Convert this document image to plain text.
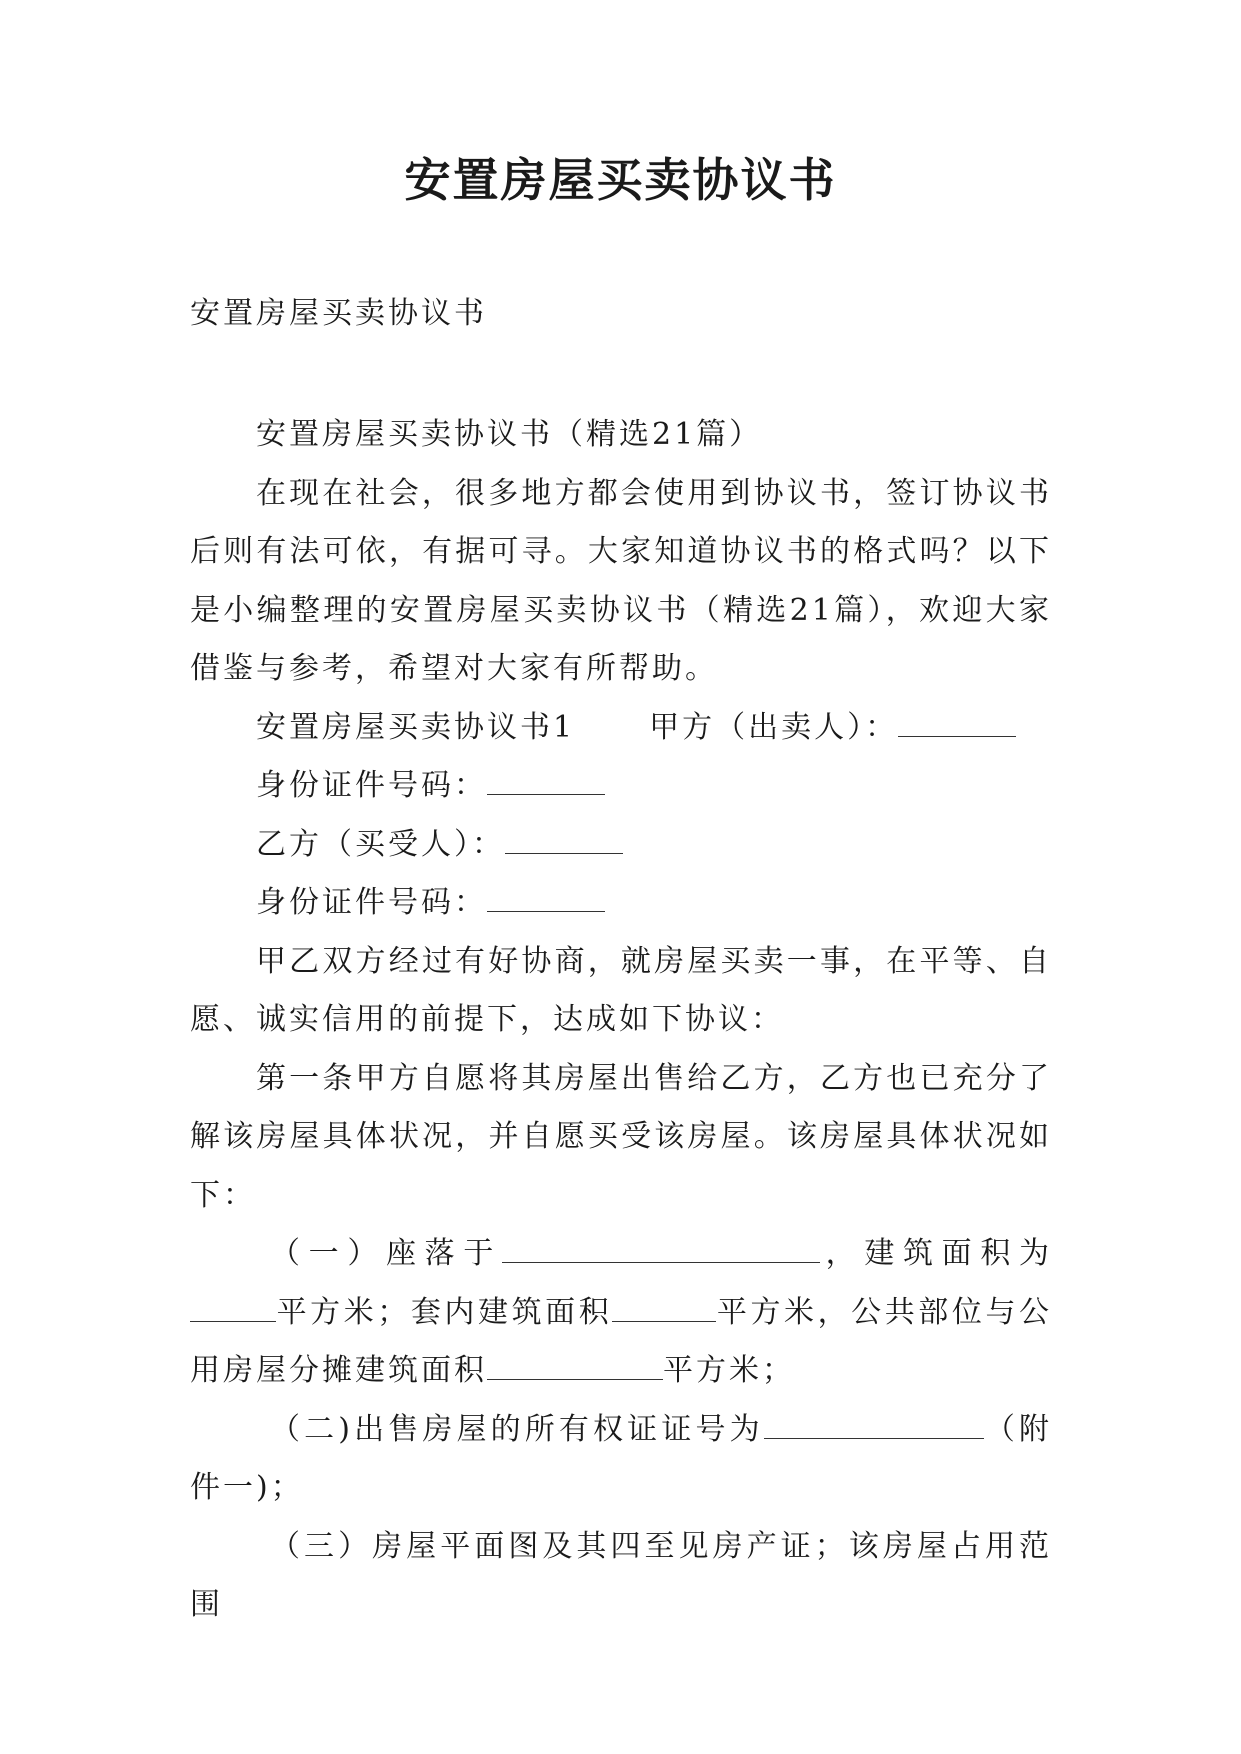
安置房屋买卖协议书
安置房屋买卖协议书

安置房屋买卖协议书（精选21篇）

在现在社会，很多地方都会使用到协议书，签订协议书后则有法可依，有据可寻。大家知道协议书的格式吗？以下是小编整理的安置房屋买卖协议书（精选21篇），欢迎大家借鉴与参考，希望对大家有所帮助。

安置房屋买卖协议书1 甲方（出卖人）：

身份证件号码：

乙方（买受人）：

身份证件号码：

甲乙双方经过有好协商，就房屋买卖一事，在平等、自愿、诚实信用的前提下，达成如下协议：

第一条甲方自愿将其房屋出售给乙方，乙方也已充分了解该房屋具体状况，并自愿买受该房屋。该房屋具体状况如下：

（一）座落于	，建筑面积为平方米；套内建筑面积	平方米，公共部位与公用房屋分摊建筑面积	平方米；

（二)出售房屋的所有权证证号为	（附件一)；

（三）房屋平面图及其四至见房产证；该房屋占用范围
